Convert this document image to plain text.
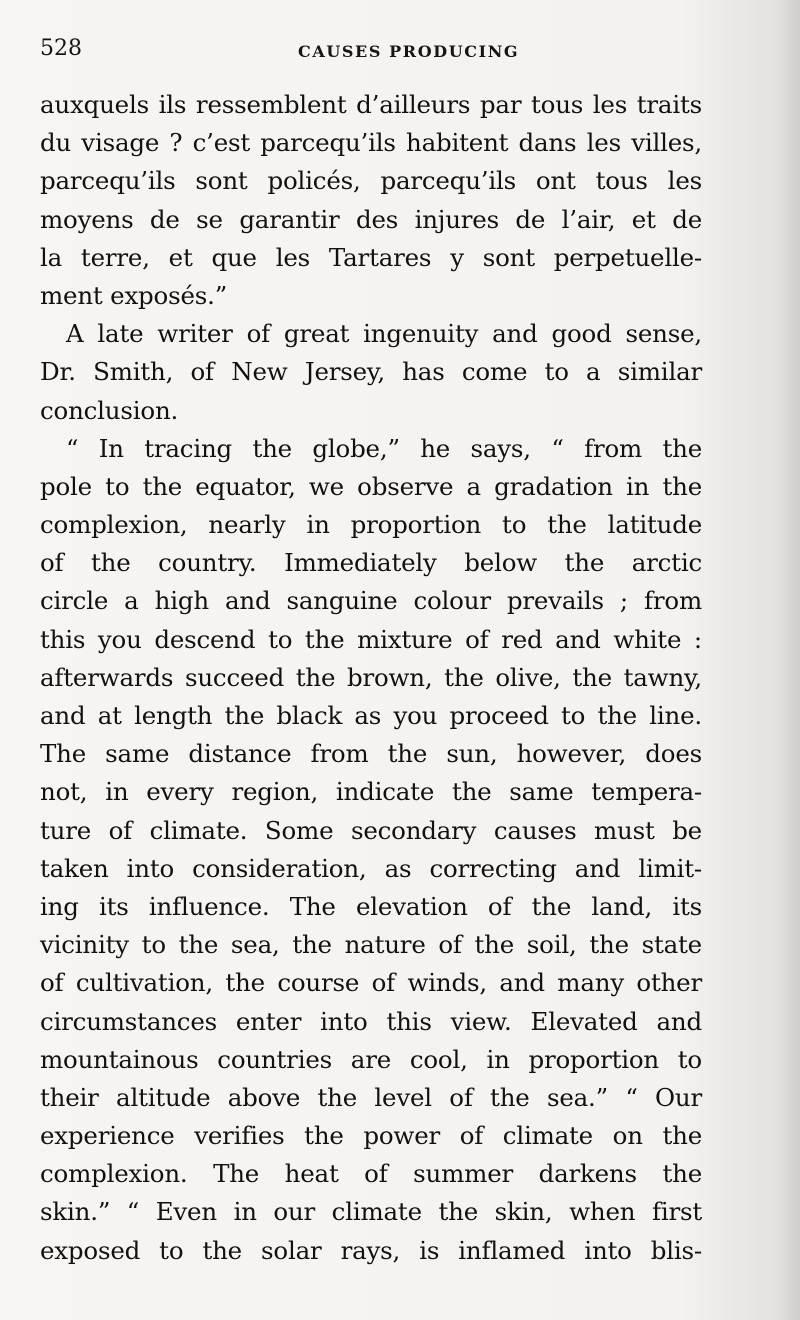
528	CAUSES PRODUCING
auxquels ils ressemblent d’ailleurs par tous les traits
du visage ? c’est parcequ’ils habitent dans les villes,
parcequ’ils sont policés, parcequ’ils ont tous les
moyens de se garantir des injures de l’air, et de
la terre, et que les Tartares y sont perpetuelle-
ment exposés.”
A late writer of great ingenuity and good sense,
Dr. Smith, of New Jersey, has come to a similar
conclusion.
“ In tracing the globe,” he says, “ from the
pole to the equator, we observe a gradation in the
complexion, nearly in proportion to the latitude
of the country. Immediately below the arctic
circle a high and sanguine colour prevails ; from
this you descend to the mixture of red and white :
afterwards succeed the brown, the olive, the tawny,
and at length the black as you proceed to the line.
The same distance from the sun, however, does
not, in every region, indicate the same tempera-
ture of climate. Some secondary causes must be
taken into consideration, as correcting and limit-
ing its influence. The elevation of the land, its
vicinity to the sea, the nature of the soil, the state
of cultivation, the course of winds, and many other
circumstances enter into this view. Elevated and
mountainous countries are cool, in proportion to
their altitude above the level of the sea.” “ Our
experience verifies the power of climate on the
complexion. The heat of summer darkens the
skin.” “ Even in our climate the skin, when first
exposed to the solar rays, is inflamed into blis-
